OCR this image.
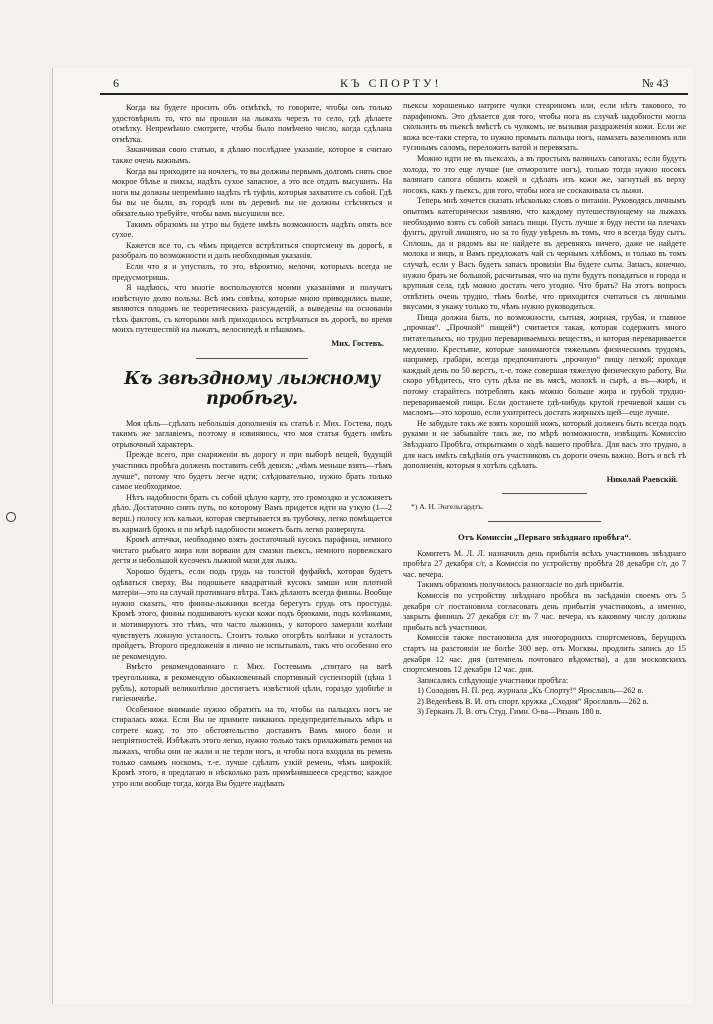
6	КЪ СПОРТУ!	№ 43

Когда вы будете просить объ отмѣткѣ, то говорите, чтобы онъ только удостовѣрилъ то, что вы прошли на лыжахъ черезъ то село, гдѣ дѣлаете отмѣтку. Непремѣнно смотрите, чтобы было помѣчено число, когда сдѣлана отмѣтка.

Заканчивая свою статью, я дѣлаю послѣднее указаніе, которое я считаю также очень важнымъ.

Когда вы приходите на ночлегъ, то вы должны первымъ долгомъ снять свое мокрое бѣлье и пиксы, надѣть сухое запасное, а это все отдать высушить. На ноги вы должны непремѣнно надѣть тѣ туфли, которыя захватите съ собой. Гдѣ бы вы не были, въ городѣ или въ деревнѣ вы не должны стѣсняться и обязательно требуйте, чтобы вамъ высушили все.

Такимъ образомъ на утро вы будете имѣть возможность надѣть опять все сухое.

Кажется все то, съ чѣмъ придется встрѣтиться спортсмену въ дорогѣ, я разобралъ по возможности и далъ необходимыя указанія.

Если что я и упустилъ, то это, вѣроятно, мелочи, которыхъ всегда не предусмотришь.

Я надѣюсь, что многіе воспользуются моими указаніями и получатъ извѣстную долю пользы. Всѣ имъ совѣты, которые мною приводились выше, являются плодомъ не теоретическихъ разсужденій, а выведены на основаніи тѣхъ фактовъ, съ которыми мнѣ приходилось встрѣчаться въ дорогѣ, во время моихъ путешествій на лыжатъ, велосипедѣ и пѣшкомъ.

Мих. Гостевъ.
Къ звѣздному лыжному пробѣгу.

Моя цѣль—сдѣлать небольшія дополненія къ статьѣ г. Мих. Гостева, подъ такимъ же заглавіемъ, поэтому я извиняюсь, что моя статья будетъ имѣть отрывочный характеръ.

Прежде всего, при снаряженіи въ дорогу и при выборѣ вещей, будущій участникъ пробѣга долженъ поставить себѣ девизъ: „чѣмъ меньше взять—тѣмъ лучше“, потому что будетъ легче идти; слѣдовательно, нужно брать только самое необходимое.

Нѣтъ надобности брать съ собой цѣлую карту, это громоздко и усложняетъ дѣло. Достаточно снять путь, по которому Вамъ придется идти на узкую (1—2 верш.) полосу изъ кальки, которая свертывается въ трубочку, легко помѣщается въ карманѣ брюкъ и по мѣрѣ надобности можетъ быть легко развернута.

Кромѣ аптечки, необходимо взять достаточный кусокъ парафина, немного чистаго рыбьяго жира или ворвани для смазки пьексъ, немного норвежскаго дегтя и небольшой кусочекъ лыжной мази для лыжъ.

Хорошо будетъ, если подъ грудь на толстой фуфайкѣ, которая будетъ одѣваться сверху, Вы подошьете квадратный кусокъ замши или плотной матеріи—это на случай противнаго вѣтра. Такъ дѣлаютъ всегда финны. Вообще нужно сказать, что финны-лыжники всегда берегутъ грудь отъ простуды. Кромѣ этого, финны подшиваютъ куски кожи подъ брюками, подъ колѣнками, и мотивируютъ это тѣмъ, что часто лыжникъ, у которого замерзли колѣни чувствуетъ ложную усталость. Стоитъ только отогрѣть колѣнки и усталость пройдетъ. Второго предложенія я лично не испытывалъ, такъ что особенно его не рекомендую.

Вмѣсто рекомендованнаго г. Мих. Гостевымъ „спитаго на ватѣ треугольника, я рекомендую обыкновенный спортивный суспензорій (цѣна 1 рубль), который великолѣпно достигаетъ извѣстной цѣли, гораздо удобнѣе и гигіеничнѣе.

Особенное вниманіе нужно обратить на то, чтобы на пальцахъ ногъ не стиралась кожа. Если Вы не примите никакихъ предупредительныхъ мѣръ и сотрете кожу, то это обстоятельство доставитъ Вамъ много боли и непріятностей. Избѣжать этого легко, нужно только такъ прилаживать ремни на лыжахъ, чтобы они не жали и не терли ногъ, и чтобы нога входила въ ремень только самымъ носкомъ, т.-е. лучше сдѣлать узкій ремень, чѣмъ широкій. Кромѣ этого, я предлагаю и нѣсколько разъ примѣнявшееся средство; каждое утро или вообще тогда, когда Вы будете надѣвать

пьексы хорошенько натрите чулки стеариномъ или, если нѣтъ такового, то парафиномъ. Это дѣлается для того, чтобы нога въ случаѣ надобности могла скользить въ пьексѣ вмѣстѣ съ чулкомъ, не вызывая раздраженія кожи. Если же кожа все-таки стерта, то нужно промыть пальцы ногъ, намазать вазелиномъ или гусинымъ саломъ, переложить ватой и перевязать.

Можно идти не въ пьексахъ, а въ простыхъ валяныхъ сапогахъ; если будутъ холода, то это еще лучше (не отморозите ногъ), только тогда нужно носокъ валянаго сапога обшить кожей и сдѣлать изъ кожи же, загнутый въ верху носокъ, какъ у пьексъ, для того, чтобы нога не соскакивала съ лыжи.

Теперь мнѣ хочется сказать нѣсколько словъ о питаніи. Руководясь личнымъ опытомъ категорически заявляю, что каждому путешествующему на лыжахъ необходимо взять съ собой запасъ пищи. Пусть лучше я буду нести на плечахъ фунтъ, другой лишняго, но за то буду увѣренъ въ томъ, что я всегда буду сытъ. Сплошь, да и рядомъ вы не найдете въ деревняхъ ничего, даже не найдете молока и яицъ, и Вамъ предложатъ чай съ чернымъ хлѣбомъ, и только въ томъ случаѣ, если у Васъ будетъ запасъ провизіи Вы будете сыты. Запасъ, конечно, нужно брать не большой, расчитывая, что на пути будутъ попадаться и города и крупныя села, гдѣ можно достать чего угодно. Что брать? На этотъ вопросъ отвѣтить очень трудно, тѣмъ болѣе, что приходится считаться съ личными вкусами, я укажу только то, чѣмъ нужно руководиться.

Пища должна быть, по возможности, сытная, жирная, грубая, и главное „прочная“. „Прочной“ пищей*) считается такая, которая содержитъ много питательныхъ, но трудно перевариваемыхъ веществъ, и которая переваривается медленно. Крестьяне, которые занимаются тяжелымъ физическимъ трудомъ, например, грабари, всегда предпочитаютъ „прочную“ пищу легкой; проходя каждый день по 50 верстъ, т.-е. тоже совершая тяжелую физическую работу, Вы скоро убѣдитесь, что суть дѣла не въ мясѣ, молокѣ и сырѣ, а въ—жирѣ, и потому старайтесь потреблять какъ можно больше жира и грубой трудно-перевариваемой пищи. Если достанете гдѣ-нибудь крутой гречневой каши съ масломъ—это хорошо, если ухитритесь достать жирныхъ щей—еще лучше.

Не забудьте такъ же взять хорошій ножъ, который долженъ быть всегда подъ руками и не забывайте такъ же, по мѣрѣ возможности, извѣщать Комиссію Звѣзднаго Пробѣга, открытками о ходѣ вашего пробѣга. Для васъ это трудно, а для насъ имѣть свѣдѣнія отъ участниковъ съ дороги очень важно. Вотъ и всѣ тѣ дополненія, которыя я хотѣлъ сдѣлать.

Николай Раевскій.
*) А. Н. Энгельгардтъ.
Отъ Комиссіи „Перваго звѣзднаго пробѣга“.

Комитетъ М. Л. Л. назначилъ день прибытія всѣхъ участниковъ звѣзднаго пробѣга 27 декабря с/г, а Комиссія по устройству пробѣга 28 декабря с/г, до 7 час. вечера.

Такимъ образомъ получилось разногласіе по днѣ прибытія.

Комиссія по устройству звѣзднаго пробѣга въ засѣданіи своемъ отъ 5 декабря с/г постановила согласовать день прибытія участниковъ, а именно, закрыть финишъ 27 декабря с/г въ 7 час. вечера, къ каковому числу должны прибыть всѣ участники.

Комиссія также постановила для иногороднихъ спортсменовъ, берущихъ стартъ на разстояніи не болѣе 300 вер. отъ Москвы, продлить запись до 15 декабря 12 час. дня (штемпель почтоваго вѣдомства), а для московскихъ спортсменовъ 12 декабря 12 час. дня.

Записались слѣдующіе участники пробѣга:

1) Солодовъ Н. П. ред. журнала „Къ Спорту!“ Ярославль—262 в.

2) Веденѣевъ В. И. отъ спорт. кружка „Сходня“ Ярославль—262 в.

3) Герканъ Л. В. отъ Студ. Гимн. О-ва—Рязань 180 в.
